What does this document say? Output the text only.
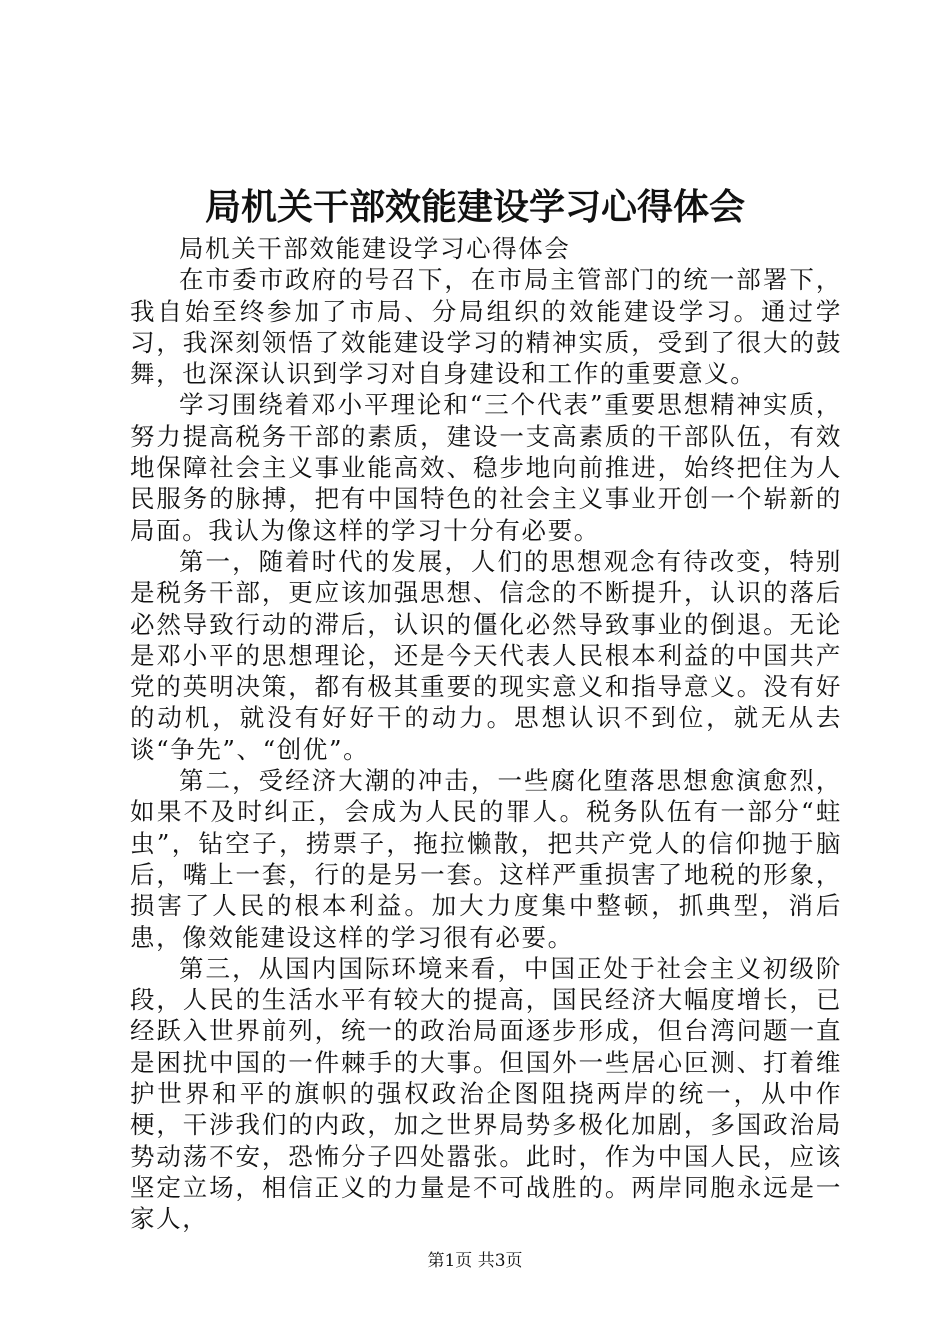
局机关干部效能建设学习心得体会

局机关干部效能建设学习心得体会

在市委市政府的号召下，在市局主管部门的统一部署下，我自始至终参加了市局、分局组织的效能建设学习。通过学习，我深刻领悟了效能建设学习的精神实质，受到了很大的鼓舞，也深深认识到学习对自身建设和工作的重要意义。

学习围绕着邓小平理论和“三个代表”重要思想精神实质，努力提高税务干部的素质，建设一支高素质的干部队伍，有效地保障社会主义事业能高效、稳步地向前推进，始终把住为人民服务的脉搏，把有中国特色的社会主义事业开创一个崭新的局面。我认为像这样的学习十分有必要。

第一，随着时代的发展，人们的思想观念有待改变，特别是税务干部，更应该加强思想、信念的不断提升，认识的落后必然导致行动的滞后，认识的僵化必然导致事业的倒退。无论是邓小平的思想理论，还是今天代表人民根本利益的中国共产党的英明决策，都有极其重要的现实意义和指导意义。没有好的动机，就没有好好干的动力。思想认识不到位，就无从去谈“争先”、“创优”。

第二，受经济大潮的冲击，一些腐化堕落思想愈演愈烈，如果不及时纠正，会成为人民的罪人。税务队伍有一部分“蛀虫”，钻空子，捞票子，拖拉懒散，把共产党人的信仰抛于脑后，嘴上一套，行的是另一套。这样严重损害了地税的形象，损害了人民的根本利益。加大力度集中整顿，抓典型，消后患，像效能建设这样的学习很有必要。

第三，从国内国际环境来看，中国正处于社会主义初级阶段，人民的生活水平有较大的提高，国民经济大幅度增长，已经跃入世界前列，统一的政治局面逐步形成，但台湾问题一直是困扰中国的一件棘手的大事。但国外一些居心叵测、打着维护世界和平的旗帜的强权政治企图阻挠两岸的统一，从中作梗，干涉我们的内政，加之世界局势多极化加剧，多国政治局势动荡不安，恐怖分子四处嚣张。此时，作为中国人民，应该坚定立场，相信正义的力量是不可战胜的。两岸同胞永远是一家人，

第1页 共3页
